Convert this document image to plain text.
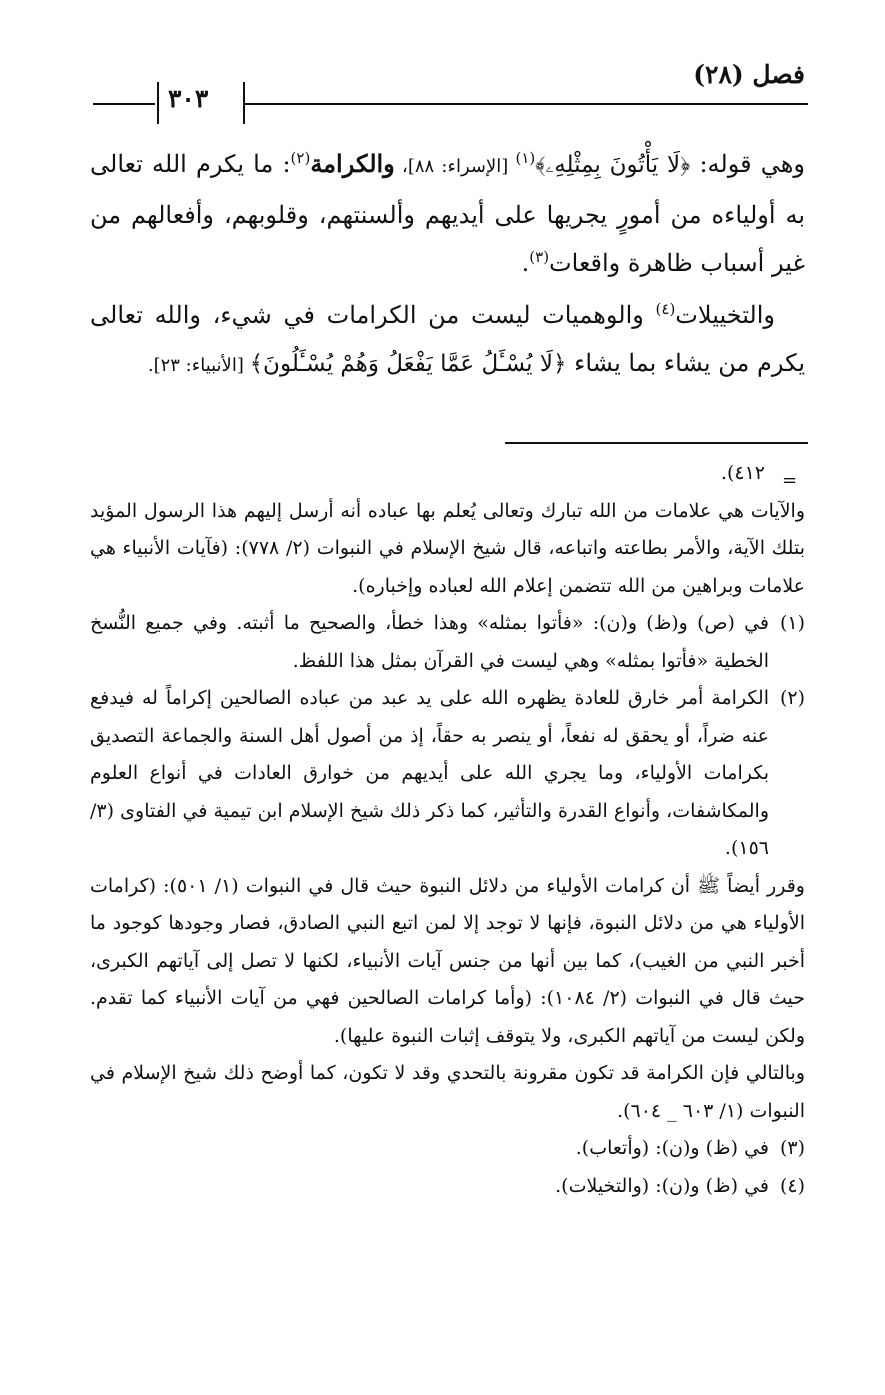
فصل (٢٨)
٣٠٣

وهي قوله: ﴿لَا يَأْتُونَ بِمِثْلِهِۦ﴾$^{(١)}$ [الإسراء: ٨٨]، والكرامة$^{(٢)}$: ما يكرم الله تعالى به أولياءه من أمورٍ يجريها على أيديهم وألسنتهم، وقلوبهم، وأفعالهم من غير أسباب ظاهرة واقعات$^{(٣)}$.

والتخييلات$^{(٤)}$ والوهميات ليست من الكرامات في شيء، والله تعالى يكرم من يشاء بما يشاء ﴿لَا يُسْـَٔلُ عَمَّا يَفْعَلُ وَهُمْ يُسْـَٔلُونَ﴾ [الأنبياء: ٢٣].

=

٤١٢).

والآيات هي علامات من الله تبارك وتعالى يُعلم بها عباده أنه أرسل إليهم هذا الرسول المؤيد بتلك الآية، والأمر بطاعته واتباعه، قال شيخ الإسلام في النبوات (٢/ ٧٧٨): (فآيات الأنبياء هي علامات وبراهين من الله تتضمن إعلام الله لعباده وإخباره).

(١)
في (ص) و(ظ) و(ن): «فأتوا بمثله» وهذا خطأ، والصحيح ما أثبته. وفي جميع النُّسخ الخطية «فأتوا بمثله» وهي ليست في القرآن بمثل هذا اللفظ.

(٢)
الكرامة أمر خارق للعادة يظهره الله على يد عبد من عباده الصالحين إكراماً له فيدفع عنه ضراً، أو يحقق له نفعاً، أو ينصر به حقاً، إذ من أصول أهل السنة والجماعة التصديق بكرامات الأولياء، وما يجري الله على أيديهم من خوارق العادات في أنواع العلوم والمكاشفات، وأنواع القدرة والتأثير، كما ذكر ذلك شيخ الإسلام ابن تيمية في الفتاوى (٣/ ١٥٦).

وقرر أيضاً ﷺ أن كرامات الأولياء من دلائل النبوة حيث قال في النبوات (١/ ٥٠١): (كرامات الأولياء هي من دلائل النبوة، فإنها لا توجد إلا لمن اتبع النبي الصادق، فصار وجودها كوجود ما أخبر النبي من الغيب)، كما بين أنها من جنس آيات الأنبياء، لكنها لا تصل إلى آياتهم الكبرى، حيث قال في النبوات (٢/ ١٠٨٤): (وأما كرامات الصالحين فهي من آيات الأنبياء كما تقدم. ولكن ليست من آياتهم الكبرى، ولا يتوقف إثبات النبوة عليها).

وبالتالي فإن الكرامة قد تكون مقرونة بالتحدي وقد لا تكون، كما أوضح ذلك شيخ الإسلام في النبوات (١/ ٦٠٣ _ ٦٠٤).

(٣)
في (ظ) و(ن): (وأتعاب).

(٤)
في (ظ) و(ن): (والتخيلات).
